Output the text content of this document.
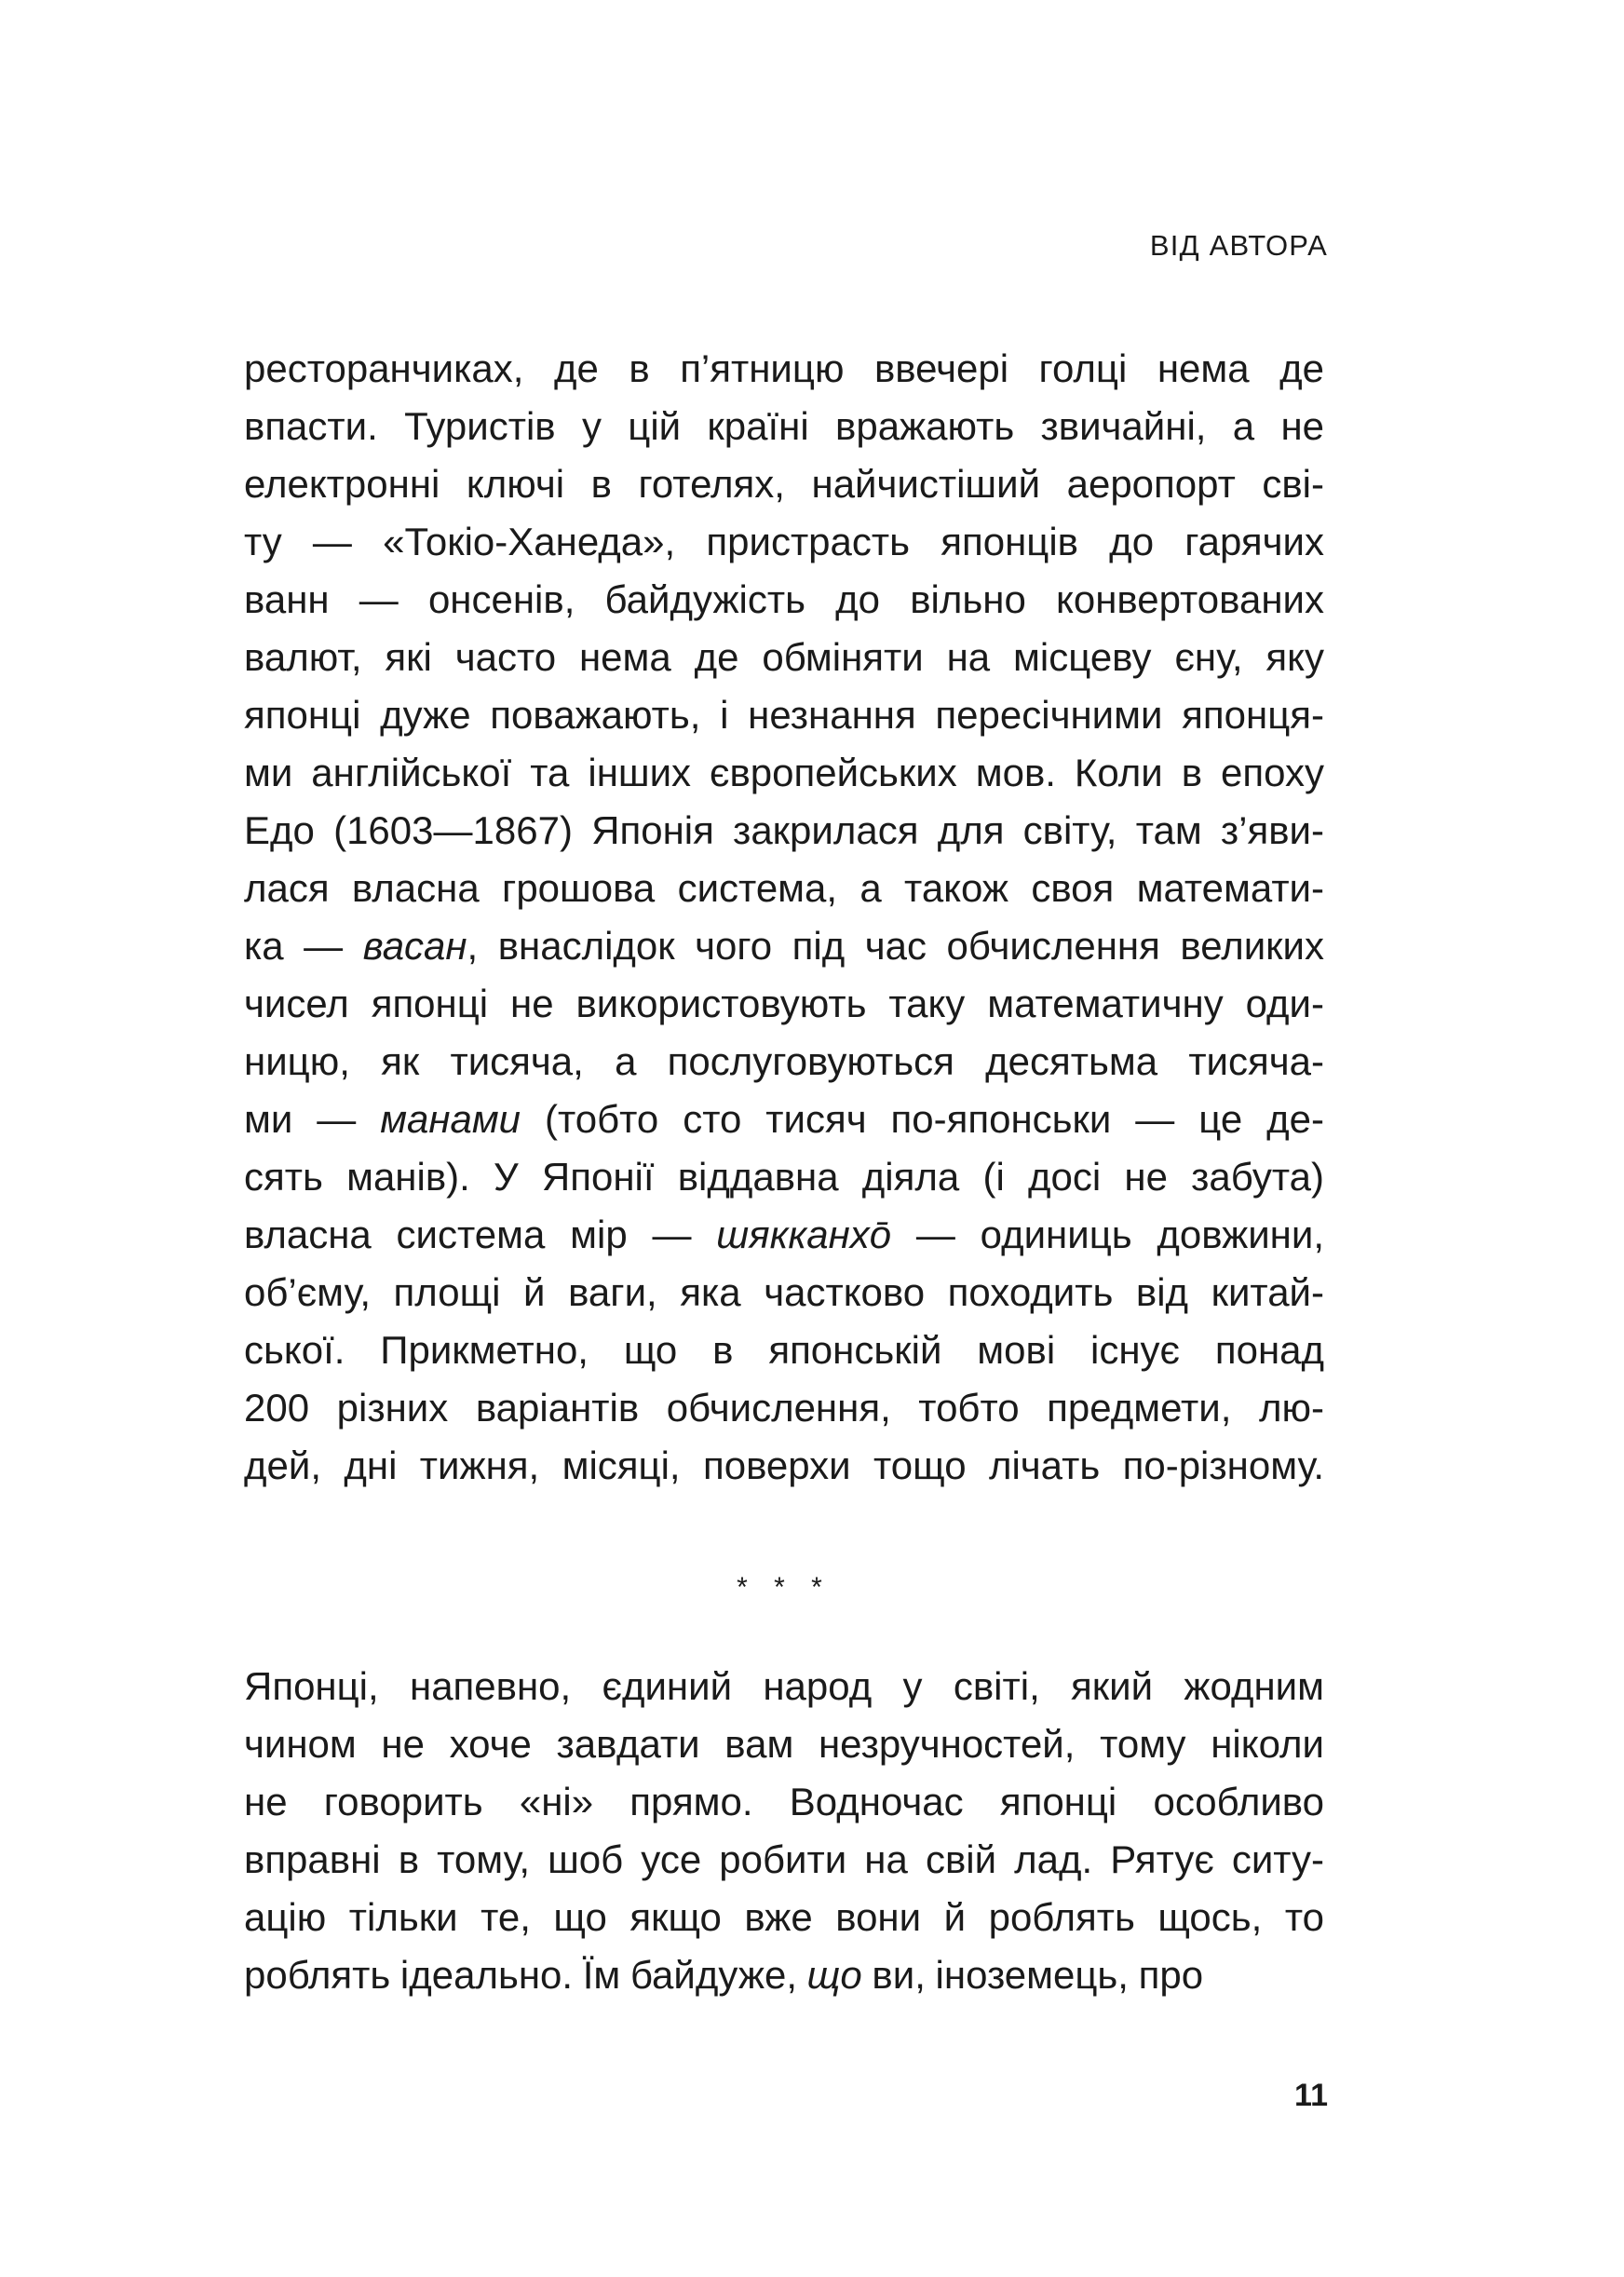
ВІД АВТОРА
ресторанчиках, де в п’ятницю ввечері голці нема де
впасти. Туристів у цій країні вражають звичайні, а не
електронні ключі в готелях, найчистіший аеропорт сві-
ту — «Токіо-Ханеда», пристрасть японців до гарячих
ванн — онсенів, байдужість до вільно конвертованих
валют, які часто нема де обміняти на місцеву єну, яку
японці дуже поважають, і незнання пересічними японця-
ми англійської та інших європейських мов. Коли в епоху
Едо (1603—1867) Японія закрилася для світу, там з’яви-
лася власна грошова система, а також своя математи-
ка — васан, внаслідок чого під час обчислення великих
чисел японці не використовують таку математичну оди-
ницю, як тисяча, а послуговуються десятьма тисяча-
ми — манами (тобто сто тисяч по-японськи — це де-
сять манів). У Японії віддавна діяла (і досі не забута)
власна система мір — шякканхō — одиниць довжини,
об’єму, площі й ваги, яка частково походить від китай-
ської. Прикметно, що в японській мові існує понад
200 різних варіантів обчислення, тобто предмети, лю-
дей, дні тижня, місяці, поверхи тощо лічать по-різному.
* * *
Японці, напевно, єдиний народ у світі, який жодним
чином не хоче завдати вам незручностей, тому ніколи
не говорить «ні» прямо. Водночас японці особливо
вправні в тому, шоб усе робити на свій лад. Рятує ситу-
ацію тільки те, що якщо вже вони й роблять щось, то
роблять ідеально. Їм байдуже, що ви, іноземець, про
11
